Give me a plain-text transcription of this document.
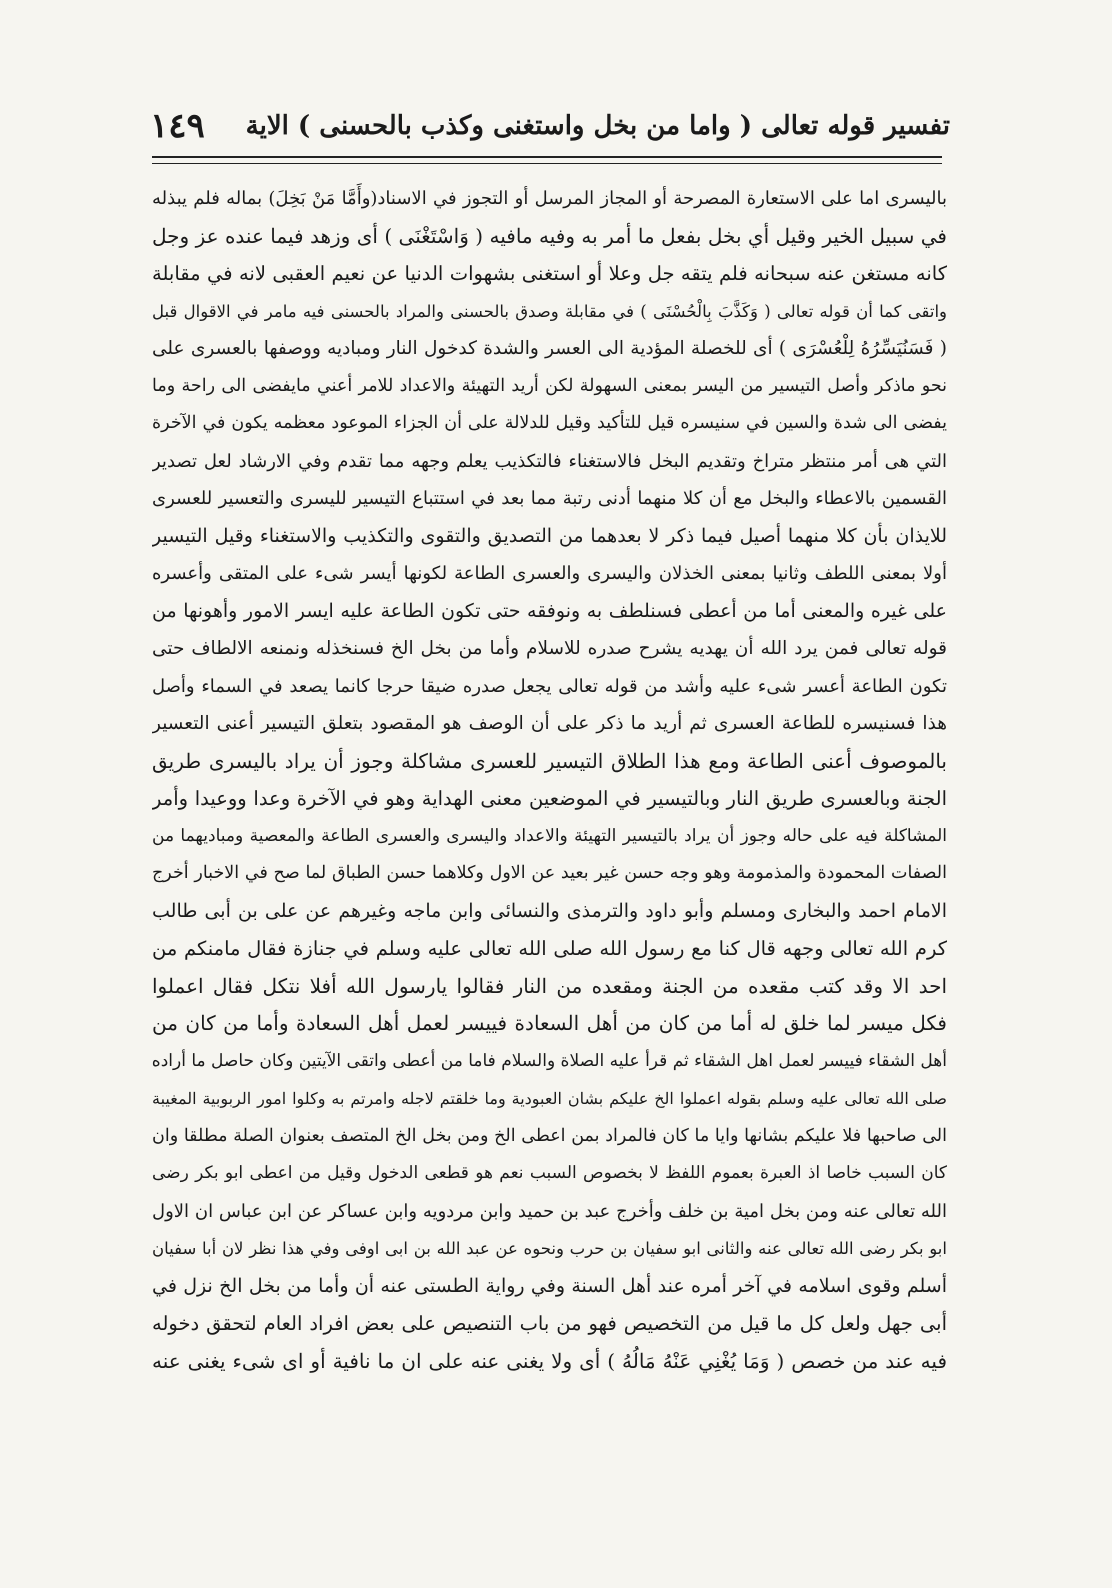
تفسير قوله تعالى ( واما من بخل واستغنى وكذب بالحسنى ) الاية
١٤٩
باليسرى اما على الاستعارة المصرحة أو المجاز المرسل أو التجوز في الاسناد(وأَمَّا مَنْ بَخِلَ) بماله فلم يبذله
في سبيل الخير وقيل أي بخل بفعل ما أمر به وفيه مافيه ( وَاسْتَغْنَى ) أى وزهد فيما عنده عز وجل
كانه مستغن عنه سبحانه فلم يتقه جل وعلا أو استغنى بشهوات الدنيا عن نعيم العقبى لانه في مقابلة
واتقى كما أن قوله تعالى ( وَكَذَّبَ بِالْحُسْنَى ) في مقابلة وصدق بالحسنى والمراد بالحسنى فيه مامر في الاقوال قبل
( فَسَنُيَسِّرُهُ لِلْعُسْرَى ) أى للخصلة المؤدية الى العسر والشدة كدخول النار ومباديه ووصفها بالعسرى على
نحو ماذكر وأصل التيسير من اليسر بمعنى السهولة لكن أريد التهيئة والاعداد للامر أعني مايفضى الى راحة وما
يفضى الى شدة والسين في سنيسره قيل للتأكيد وقيل للدلالة على أن الجزاء الموعود معظمه يكون في الآخرة
التي هى أمر منتظر متراخ وتقديم البخل فالاستغناء فالتكذيب يعلم وجهه مما تقدم وفي الارشاد لعل تصدير
القسمين بالاعطاء والبخل مع أن كلا منهما أدنى رتبة مما بعد في استتباع التيسير لليسرى والتعسير للعسرى
للايذان بأن كلا منهما أصيل فيما ذكر لا بعدهما من التصديق والتقوى والتكذيب والاستغناء وقيل التيسير
أولا بمعنى اللطف وثانيا بمعنى الخذلان واليسرى والعسرى الطاعة لكونها أيسر شىء على المتقى وأعسره
على غيره والمعنى أما من أعطى فسنلطف به ونوفقه حتى تكون الطاعة عليه ايسر الامور وأهونها من
قوله تعالى فمن يرد الله أن يهديه يشرح صدره للاسلام وأما من بخل الخ فسنخذله ونمنعه الالطاف حتى
تكون الطاعة أعسر شىء عليه وأشد من قوله تعالى يجعل صدره ضيقا حرجا كانما يصعد في السماء وأصل
هذا فسنيسره للطاعة العسرى ثم أريد ما ذكر على أن الوصف هو المقصود بتعلق التيسير أعنى التعسير
بالموصوف أعنى الطاعة ومع هذا الطلاق التيسير للعسرى مشاكلة وجوز أن يراد باليسرى طريق
الجنة وبالعسرى طريق النار وبالتيسير في الموضعين معنى الهداية وهو في الآخرة وعدا ووعيدا وأمر
المشاكلة فيه على حاله وجوز أن يراد بالتيسير التهيئة والاعداد واليسرى والعسرى الطاعة والمعصية ومباديهما من
الصفات المحمودة والمذمومة وهو وجه حسن غير بعيد عن الاول وكلاهما حسن الطباق لما صح في الاخبار أخرج
الامام احمد والبخارى ومسلم وأبو داود والترمذى والنسائى وابن ماجه وغيرهم عن على بن أبى طالب
كرم الله تعالى وجهه قال كنا مع رسول الله صلى الله تعالى عليه وسلم في جنازة فقال مامنكم من
احد الا وقد كتب مقعده من الجنة ومقعده من النار فقالوا يارسول الله أفلا نتكل فقال اعملوا
فكل ميسر لما خلق له أما من كان من أهل السعادة فييسر لعمل أهل السعادة وأما من كان من
أهل الشقاء فييسر لعمل اهل الشقاء ثم قرأ عليه الصلاة والسلام فاما من أعطى واتقى الآيتين وكان حاصل ما أراده
صلى الله تعالى عليه وسلم بقوله اعملوا الخ عليكم بشان العبودية وما خلقتم لاجله وامرتم به وكلوا امور الربوبية المغيبة
الى صاحبها فلا عليكم بشانها وايا ما كان فالمراد بمن اعطى الخ ومن بخل الخ المتصف بعنوان الصلة مطلقا وان
كان السبب خاصا اذ العبرة بعموم اللفظ لا بخصوص السبب نعم هو قطعى الدخول وقيل من اعطى ابو بكر رضى
الله تعالى عنه ومن بخل امية بن خلف وأخرج عبد بن حميد وابن مردويه وابن عساكر عن ابن عباس ان الاول
ابو بكر رضى الله تعالى عنه والثانى ابو سفيان بن حرب ونحوه عن عبد الله بن ابى اوفى وفي هذا نظر لان أبا سفيان
أسلم وقوى اسلامه في آخر أمره عند أهل السنة وفي رواية الطستى عنه أن وأما من بخل الخ نزل في
أبى جهل ولعل كل ما قيل من التخصيص فهو من باب التنصيص على بعض افراد العام لتحقق دخوله
فيه عند من خصص ( وَمَا يُغْنِي عَنْهُ مَالُهُ ) أى ولا يغنى عنه على ان ما نافية أو اى شىء يغنى عنه
